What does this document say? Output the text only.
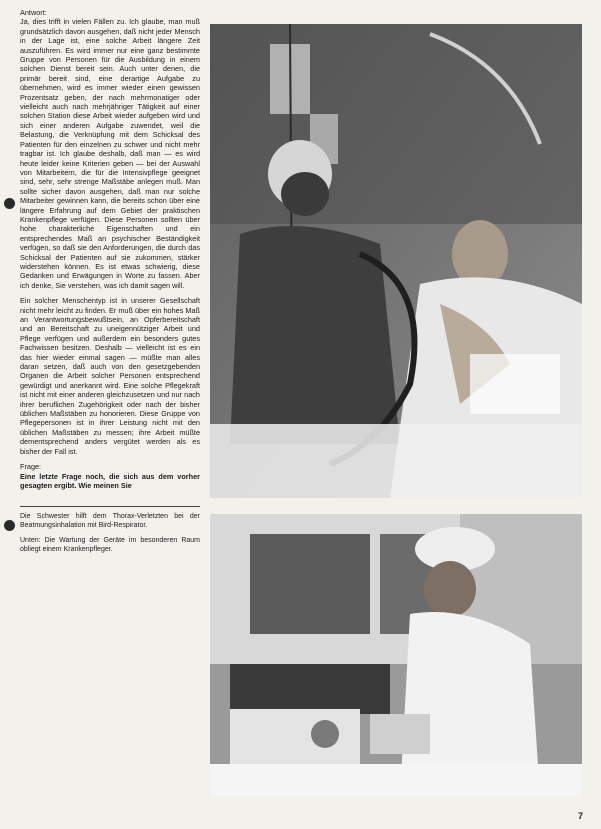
Antwort:

Ja, dies trifft in vielen Fällen zu. Ich glaube, man muß grundsätzlich davon ausgehen, daß nicht jeder Mensch in der Lage ist, eine solche Arbeit längere Zeit auszuführen. Es wird immer nur eine ganz bestimmte Gruppe von Personen für die Ausbildung in einem solchen Dienst bereit sein. Auch unter denen, die primär bereit sind, eine derartige Aufgabe zu übernehmen, wird es immer wieder einen gewissen Prozentsatz geben, der nach mehrmonatiger oder vielleicht auch nach mehrjähriger Tätigkeit auf einer solchen Station diese Arbeit wieder aufgeben wird und sich einer anderen Aufgabe zuwendet, weil die Belastung, die Verknüpfung mit dem Schicksal des Patienten für den einzelnen zu schwer und nicht mehr tragbar ist. Ich glaube deshalb, daß man — es wird heute leider keine Kriterien geben — bei der Auswahl von Mitarbeitern, die für die Intensivpflege geeignet sind, sehr, sehr strenge Maßstäbe anlegen muß. Man sollte sicher davon ausgehen, daß man nur solche Mitarbeiter gewinnen kann, die bereits schon über eine längere Erfahrung auf dem Gebiet der praktischen Krankenpflege verfügen. Diese Personen sollten über hohe charakterliche Eigenschaften und ein entsprechendes Maß an psychischer Beständigkeit verfügen, so daß sie den Anforderungen, die durch das Schicksal der Patienten auf sie zukommen, stärker widerstehen können. Es ist etwas schwierig, diese Gedanken und Erwägungen in Worte zu fassen. Aber ich denke, Sie verstehen, was ich damit sagen will.

Ein solcher Menschentyp ist in unserer Gesellschaft nicht mehr leicht zu finden. Er muß über ein hohes Maß an Verantwortungsbewußtsein, an Opferbereitschaft und an Bereitschaft zu uneigennütziger Arbeit und Pflege verfügen und außerdem ein besonders gutes Fachwissen besitzen. Deshalb — vielleicht ist es ein das hier wieder einmal sagen — müßte man alles daran setzen, daß auch von den gesetzgebenden Organen die Arbeit solcher Personen entsprechend gewürdigt und anerkannt wird. Eine solche Pflegekraft ist nicht mit einer anderen gleichzusetzen und nur nach ihrer beruflichen Zugehörigkeit oder nach der bisher üblichen Maßstäben zu honorieren. Diese Gruppe von Pflegepersonen ist in ihrer Leistung nicht mit den üblichen Maßstäben zu messen; ihre Arbeit müßte dementsprechend anders vergütet werden als es bisher der Fall ist.

Frage:

Eine letzte Frage noch, die sich aus dem vorher gesagten ergibt. Wie meinen Sie

Die Schwester hilft dem Thorax-Verletzten bei der Beatmungsinhalation mit Bird-Respirator.

Unten: Die Wartung der Geräte im besonderen Raum obliegt einem Krankenpfleger.

7
